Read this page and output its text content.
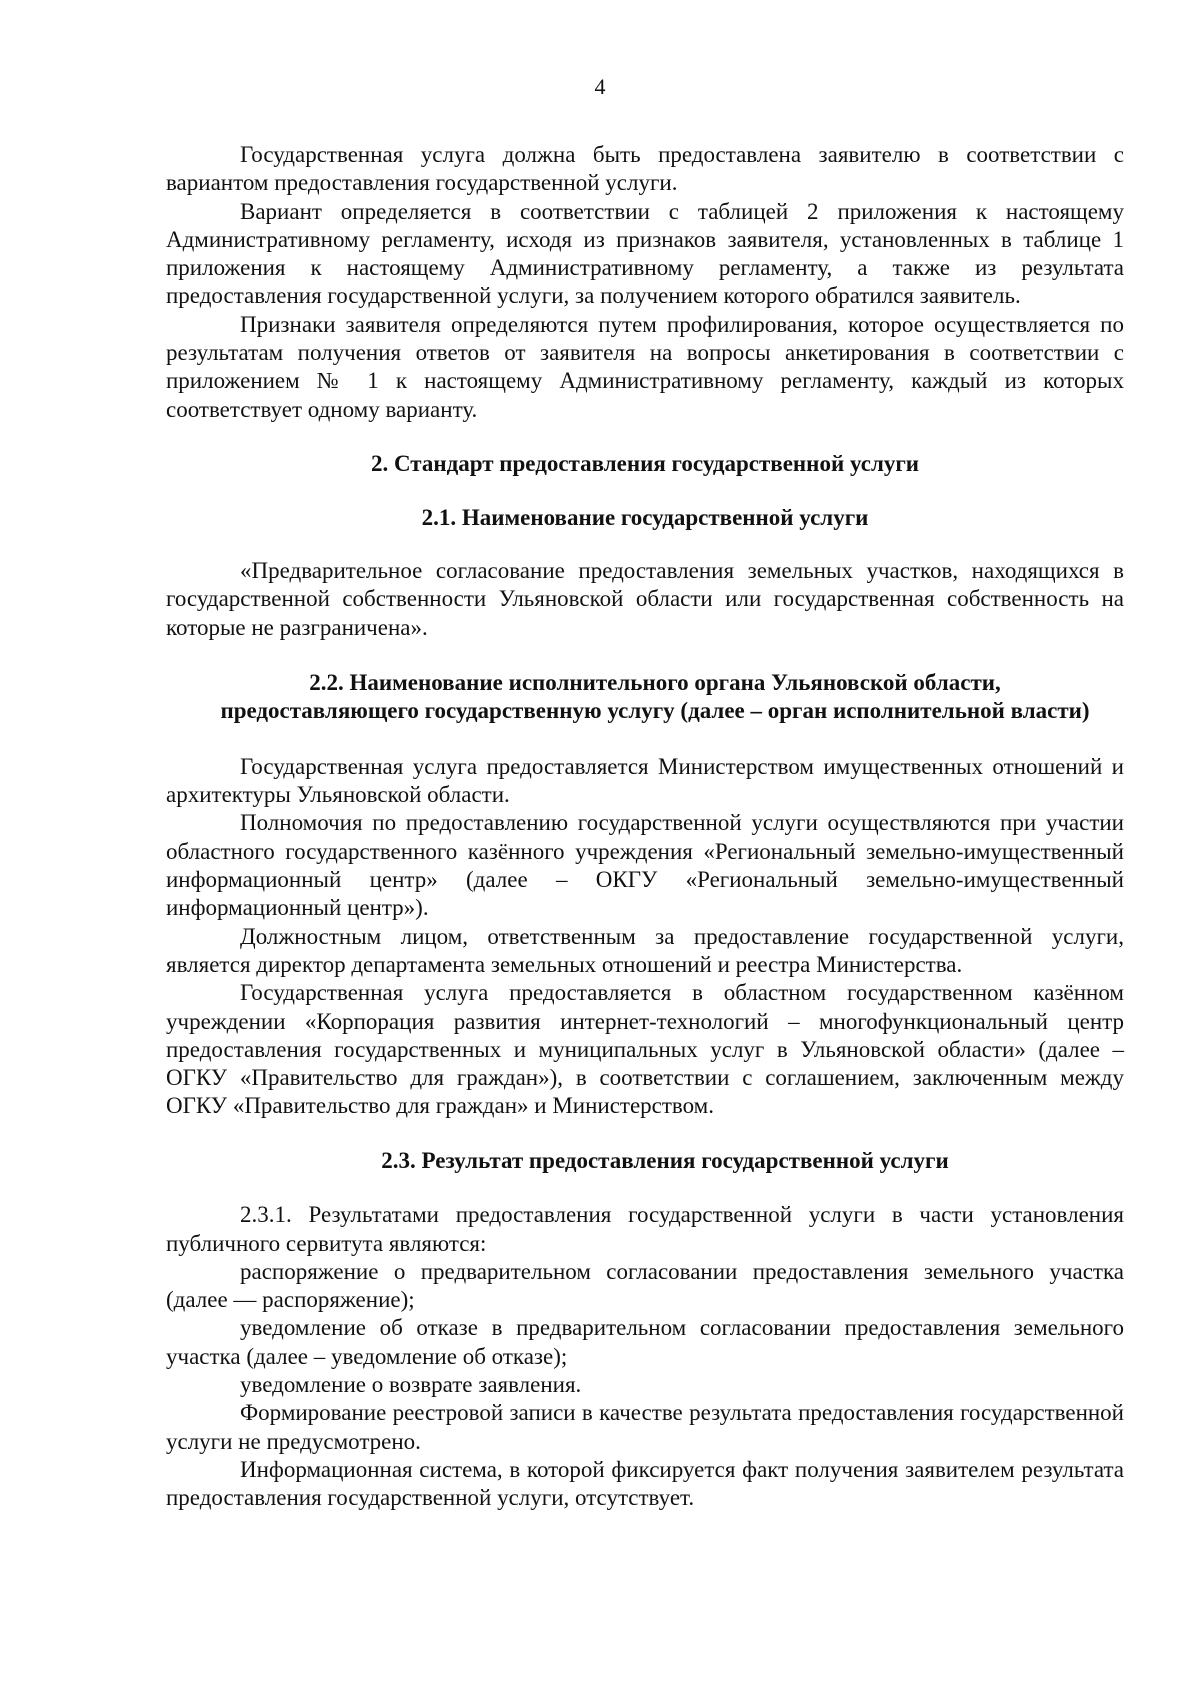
4

Государственная услуга должна быть предоставлена заявителю в соответствии с вариантом предоставления государственной услуги.

Вариант определяется в соответствии с таблицей 2 приложения к настоящему Административному регламенту, исходя из признаков заявителя, установленных в таблице 1 приложения к настоящему Административному регламенту, а также из результата предоставления государственной услуги, за получением которого обратился заявитель.

Признаки заявителя определяются путем профилирования, которое осуществляется по результатам получения ответов от заявителя на вопросы анкетирования в соответствии с приложением № 1 к настоящему Административному регламенту, каждый из которых соответствует одному варианту.

2. Стандарт предоставления государственной услуги
2.1. Наименование государственной услуги

«Предварительное согласование предоставления земельных участков, находящихся в государственной собственности Ульяновской области или государственная собственность на которые не разграничена».

2.2. Наименование исполнительного органа Ульяновской области,
предоставляющего государственную услугу (далее – орган исполнительной власти)

Государственная услуга предоставляется Министерством имущественных отношений и архитектуры Ульяновской области.

Полномочия по предоставлению государственной услуги осуществляются при участии областного государственного казённого учреждения «Региональный земельно-имущественный информационный центр» (далее – ОКГУ «Региональный земельно-имущественный информационный центр»).

Должностным лицом, ответственным за предоставление государственной услуги, является директор департамента земельных отношений и реестра Министерства.

Государственная услуга предоставляется в областном государственном казённом учреждении «Корпорация развития интернет-технологий – многофункциональный центр предоставления государственных и муниципальных услуг в Ульяновской области» (далее – ОГКУ «Правительство для граждан»), в соответствии с соглашением, заключенным между ОГКУ «Правительство для граждан» и Министерством.

2.3. Результат предоставления государственной услуги

2.3.1. Результатами предоставления государственной услуги в части установления публичного сервитута являются:

распоряжение о предварительном согласовании предоставления земельного участка (далее — распоряжение);

уведомление об отказе в предварительном согласовании предоставления земельного участка (далее – уведомление об отказе);

уведомление о возврате заявления.

Формирование реестровой записи в качестве результата предоставления государственной услуги не предусмотрено.

Информационная система, в которой фиксируется факт получения заявителем результата предоставления государственной услуги, отсутствует.
